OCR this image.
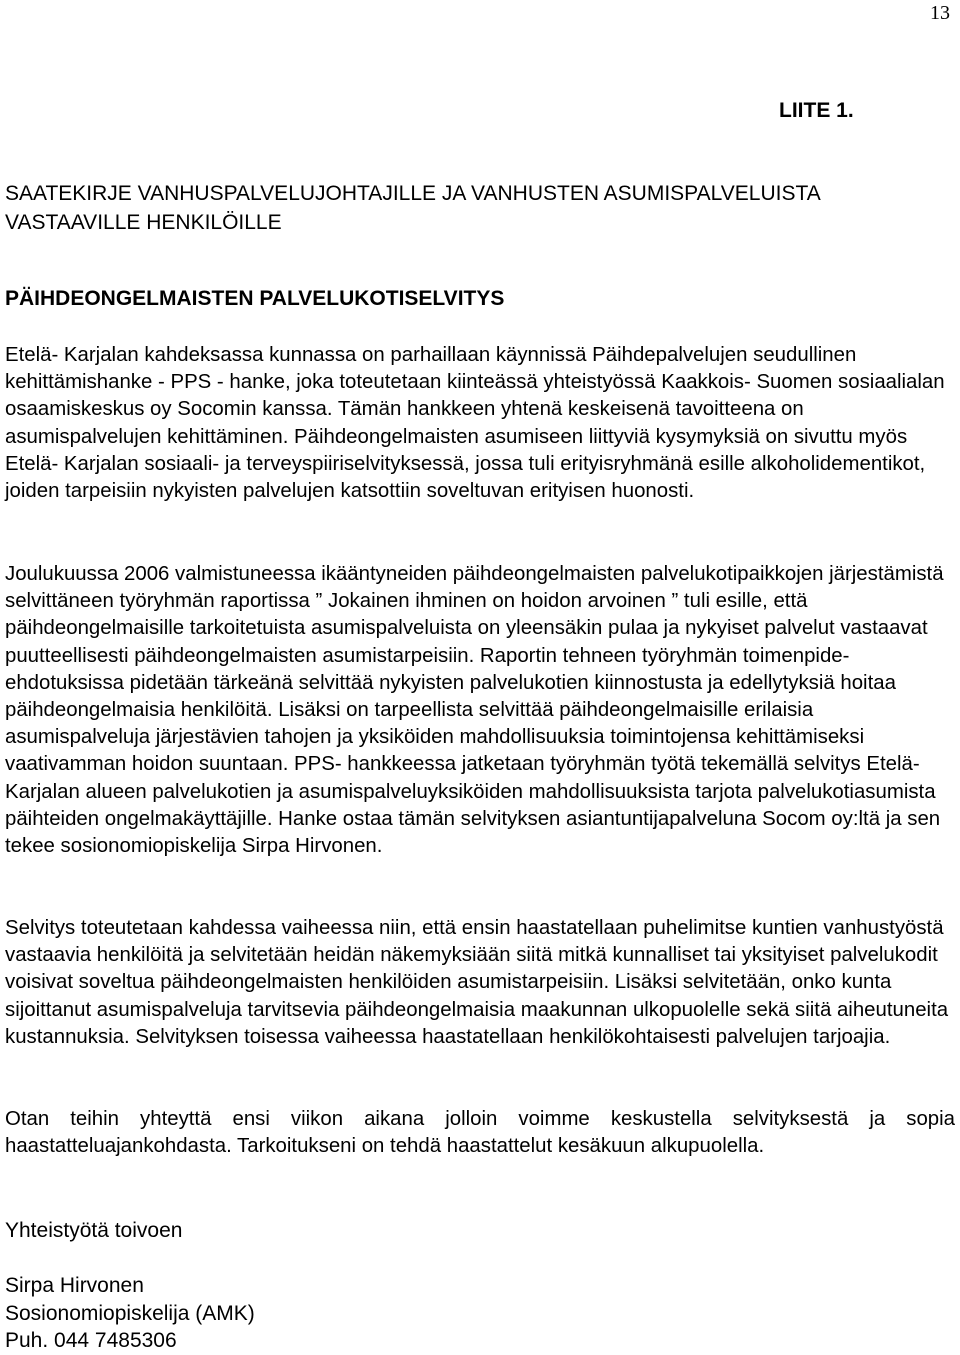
13
LIITE 1.
SAATEKIRJE VANHUSPALVELUJOHTAJILLE JA VANHUSTEN ASUMISPALVELUISTA VASTAAVILLE HENKILÖILLE
PÄIHDEONGELMAISTEN PALVELUKOTISELVITYS

Etelä- Karjalan kahdeksassa kunnassa on parhaillaan käynnissä Päihdepalvelujen seudullinen kehittämishanke - PPS - hanke, joka toteutetaan kiinteässä yhteistyössä Kaakkois- Suomen sosiaalialan osaamiskeskus oy Socomin kanssa. Tämän hankkeen yhtenä keskeisenä tavoitteena on asumispalvelujen kehittäminen. Päihdeongelmaisten asumiseen liittyviä kysymyksiä on sivuttu myös Etelä- Karjalan sosiaali- ja terveyspiiriselvityksessä, jossa tuli erityisryhmänä esille alkoholidementikot, joiden tarpeisiin nykyisten palvelujen katsottiin soveltuvan erityisen huonosti.

Joulukuussa 2006 valmistuneessa ikääntyneiden päihdeongelmaisten palvelukotipaikkojen järjestämistä selvittäneen työryhmän raportissa ” Jokainen ihminen on hoidon arvoinen ” tuli esille, että päihdeongelmaisille tarkoitetuista asumispalveluista on yleensäkin pulaa ja nykyiset palvelut vastaavat puutteellisesti päihdeongelmaisten asumistarpeisiin. Raportin tehneen työryhmän toimenpide- ehdotuksissa pidetään tärkeänä selvittää nykyisten palvelukotien kiinnostusta ja edellytyksiä hoitaa päihdeongelmaisia henkilöitä. Lisäksi on tarpeellista selvittää päihdeongelmaisille erilaisia asumispalveluja järjestävien tahojen ja yksiköiden mahdollisuuksia toimintojensa kehittämiseksi vaativamman hoidon suuntaan. PPS- hankkeessa jatketaan työryhmän työtä tekemällä selvitys Etelä- Karjalan alueen palvelukotien ja asumispalveluyksiköiden mahdollisuuksista tarjota palvelukotiasumista päihteiden ongelmakäyttäjille. Hanke ostaa tämän selvityksen asiantuntijapalveluna Socom oy:ltä ja sen tekee sosionomiopiskelija Sirpa Hirvonen.

Selvitys toteutetaan kahdessa vaiheessa niin, että ensin haastatellaan puhelimitse kuntien vanhustyöstä vastaavia henkilöitä ja selvitetään heidän näkemyksiään siitä mitkä kunnalliset tai yksityiset palvelukodit voisivat soveltua päihdeongelmaisten henkilöiden asumistarpeisiin. Lisäksi selvitetään, onko kunta sijoittanut asumispalveluja tarvitsevia päihdeongelmaisia maakunnan ulkopuolelle sekä siitä aiheutuneita kustannuksia. Selvityksen toisessa vaiheessa haastatellaan henkilökohtaisesti palvelujen tarjoajia.

Otan teihin yhteyttä ensi viikon aikana jolloin voimme keskustella selvityksestä ja sopia haastatteluajankohdasta. Tarkoitukseni on tehdä haastattelut kesäkuun alkupuolella.

Yhteistyötä toivoen
Sirpa Hirvonen
Sosionomiopiskelija (AMK)
Puh. 044 7485306
